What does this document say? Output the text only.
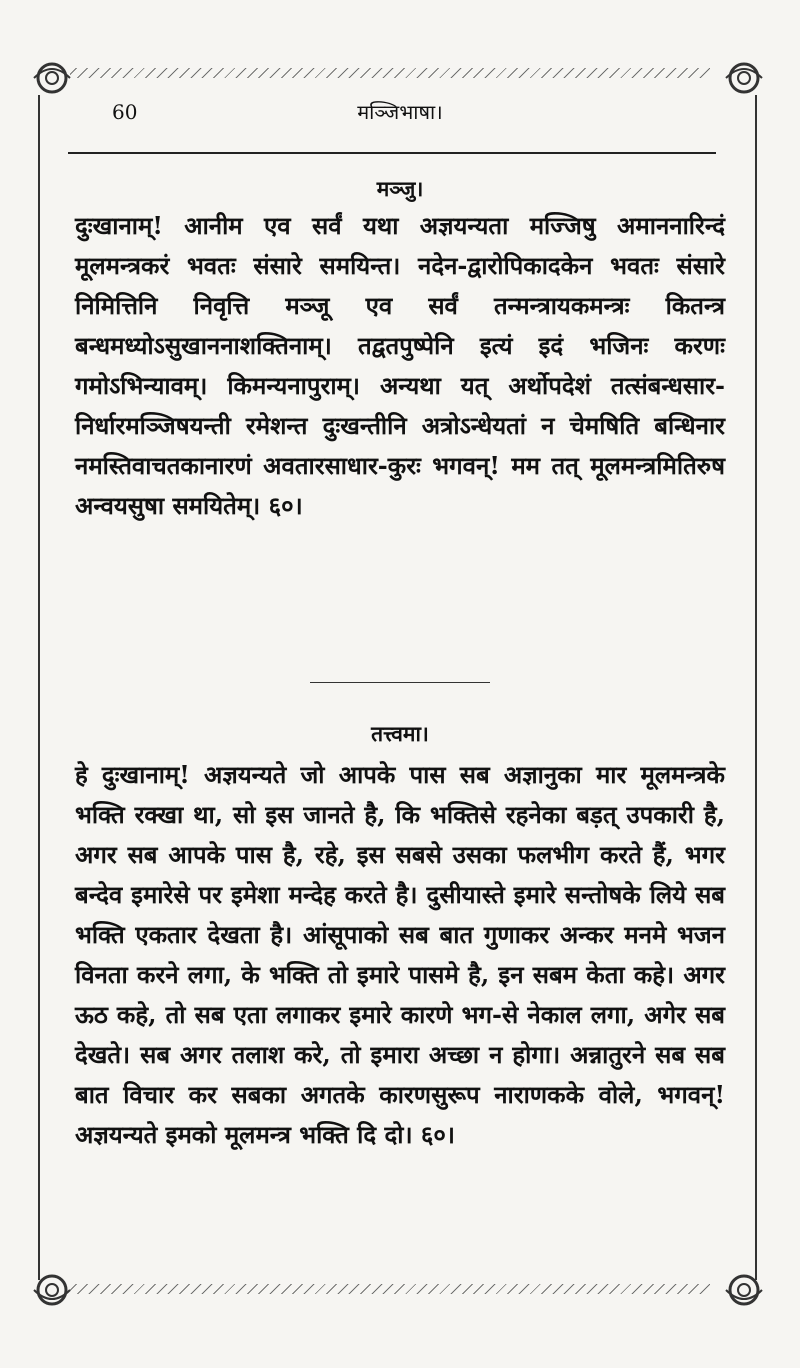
60	मञ्जिभाषा।
मञ्जु।

दुःखानाम्! आनीम एव सर्वं यथा अज्ञयन्यता मज्जिषु अमाननारिन्दं मूलमन्त्रकरं भवतः संसारे समयिन्त। नदेन-द्वारोपिकादकेन भवतः संसारे निमित्तिनि निवृत्ति मञ्जू एव सर्वं तन्मन्त्रायकमन्त्रः कितन्त्र बन्धमध्योऽसुखाननाशक्तिनाम्। तद्वतपुष्पेनि इत्यं इदं भजिनः करणः गमोऽभिन्यावम्। किमन्यनापुराम्। अन्यथा यत् अर्थोपदेशं तत्संबन्धसार-निर्धारमञ्जिषयन्ती रमेशन्त दुःखन्तीनि अत्रोऽन्धेयतां न चेमषिति बन्धिनार नमस्तिवाचतकानारणं अवतारसाधार-कुरः भगवन्! मम तत् मूलमन्त्रमितिरुष अन्वयसुषा समयितेम्। ६०।

तत्त्वमा।

हे दुःखानाम्! अज्ञयन्यते जो आपके पास सब अज्ञानुका मार मूलमन्त्रके भक्ति रक्खा था, सो इस जानते है, कि भक्तिसे रहनेका बड़त् उपकारी है, अगर सब आपके पास है, रहे, इस सबसे उसका फलभीग करते हैं, भगर बन्देव इमारेसे पर इमेशा मन्देह करते है। दुसीयास्ते इमारे सन्तोषके लिये सब भक्ति एकतार देखता है। आंसूपाको सब बात गुणाकर अन्कर मनमे भजन विनता करने लगा, के भक्ति तो इमारे पासमे है, इन सबम केता कहे। अगर ऊठ कहे, तो सब एता लगाकर इमारे कारणे भग-से नेकाल लगा, अगेर सब देखते। सब अगर तलाश करे, तो इमारा अच्छा न होगा। अन्नातुरने सब सब बात विचार कर सबका अगतके कारणसुरूप नाराणकके वोले, भगवन्! अज्ञयन्यते इमको मूलमन्त्र भक्ति दि दो। ६०।
